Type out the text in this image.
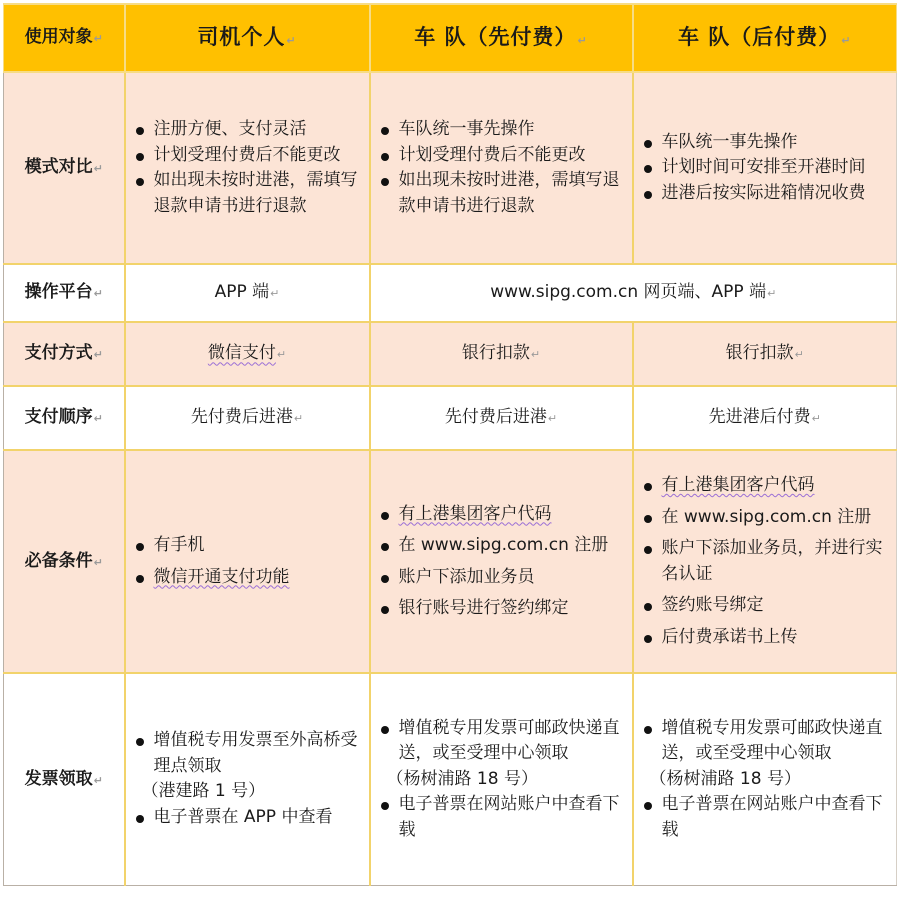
使用对象↵	司机个人↵	车 队（先付费）↵	车 队（后付费）↵
模式对比↵	
注册方便、支付灵活
计划受理付费后不能更改
如出现未按时进港，需填写退款申请书进行退款

车队统一事先操作
计划受理付费后不能更改
如出现未按时进港，需填写退款申请书进行退款

车队统一事先操作
计划时间可安排至开港时间
进港后按实际进箱情况收费

操作平台↵	APP 端↵	www.sipg.com.cn 网页端、APP 端↵	
支付方式↵	微信支付↵	银行扣款↵	银行扣款↵
支付顺序↵	先付费后进港↵	先付费后进港↵	先进港后付费↵
必备条件↵	
有手机
微信开通支付功能

有上港集团客户代码
在 www.sipg.com.cn 注册
账户下添加业务员
银行账号进行签约绑定

有上港集团客户代码
在 www.sipg.com.cn 注册
账户下添加业务员，并进行实名认证
签约账号绑定
后付费承诺书上传

发票领取↵	
增值税专用发票至外高桥受理点领取
（港建路 1 号）
电子普票在 APP 中查看

增值税专用发票可邮政快递直送，或至受理中心领取
（杨树浦路 18 号）
电子普票在网站账户中查看下载

增值税专用发票可邮政快递直送，或至受理中心领取
（杨树浦路 18 号）
电子普票在网站账户中查看下载
